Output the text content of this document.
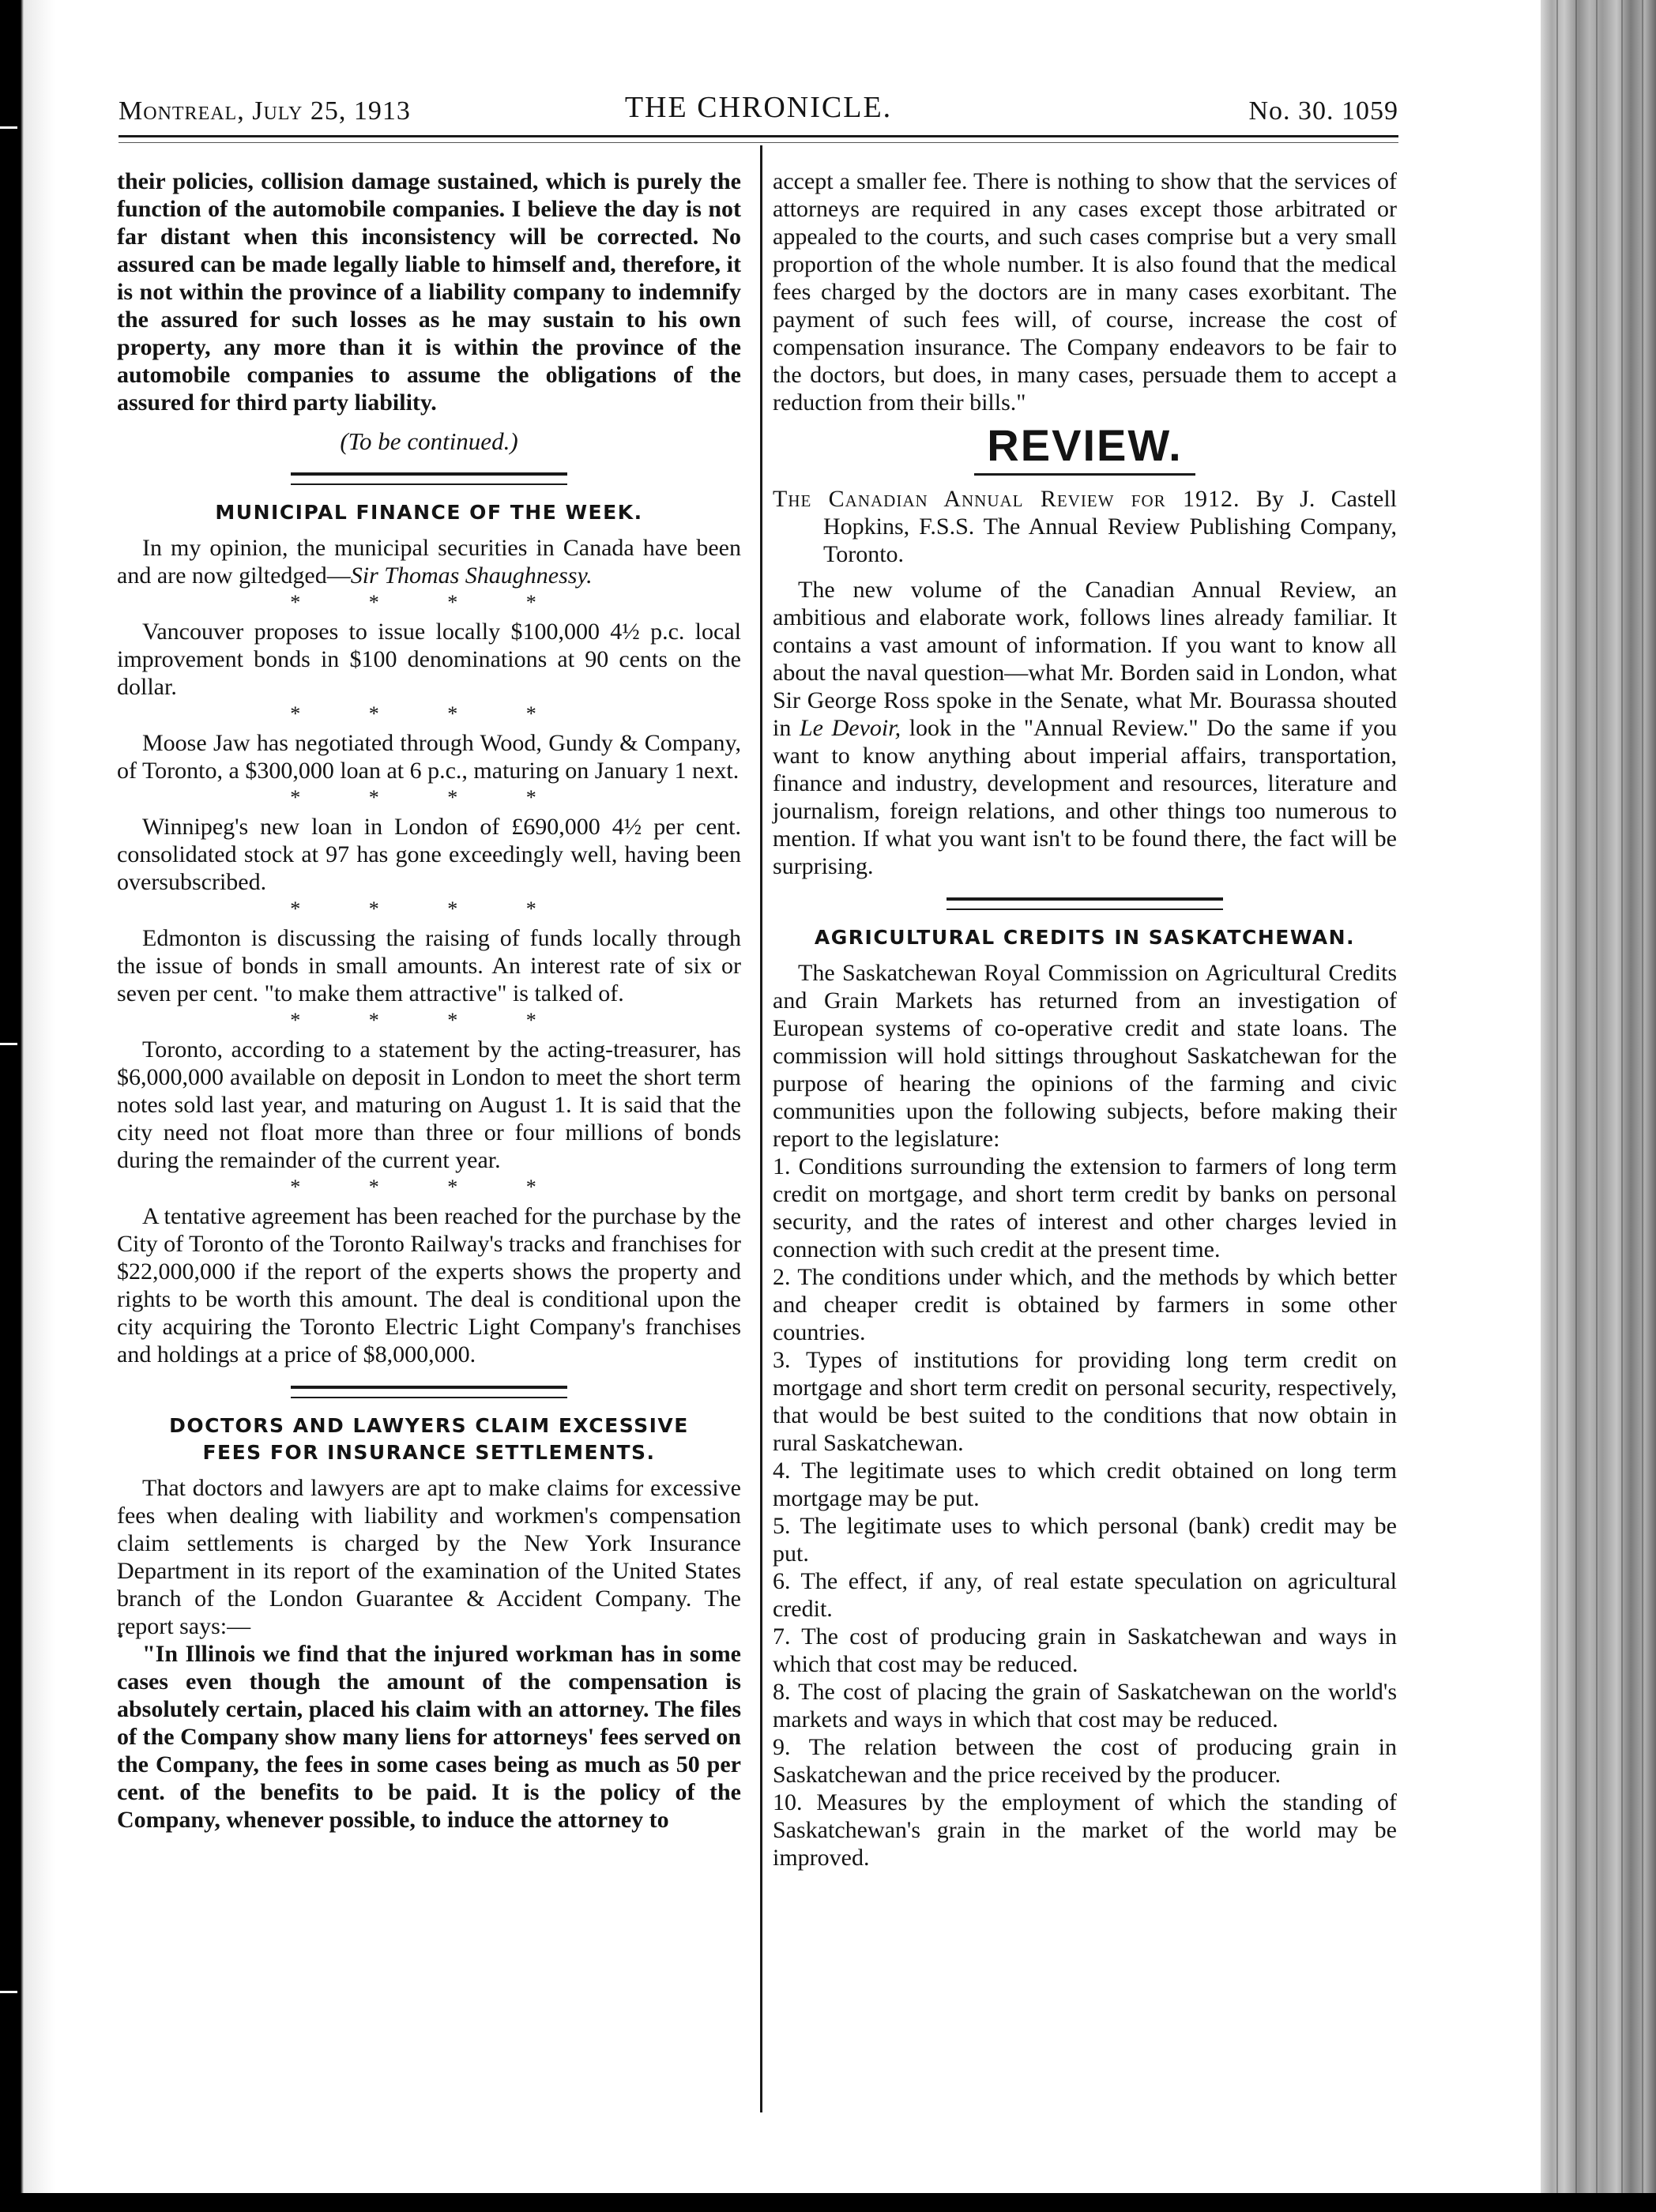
Montreal, July 25, 1913	THE CHRONICLE.	No. 30. 1059

their policies, collision damage sustained, which is purely the function of the automobile companies. I believe the day is not far distant when this inconsistency will be corrected. No assured can be made legally liable to himself and, therefore, it is not within the province of a liability company to indemnify the assured for such losses as he may sustain to his own property, any more than it is within the province of the automobile companies to assume the obligations of the assured for third party liability.

(To be continued.)

MUNICIPAL FINANCE OF THE WEEK.

In my opinion, the municipal securities in Canada have been and are now giltedged—Sir Thomas Shaughnessy.

* * * *

Vancouver proposes to issue locally $100,000 4½ p.c. local improvement bonds in $100 denominations at 90 cents on the dollar.

* * * *

Moose Jaw has negotiated through Wood, Gundy & Company, of Toronto, a $300,000 loan at 6 p.c., maturing on January 1 next.

* * * *

Winnipeg's new loan in London of £690,000 4½ per cent. consolidated stock at 97 has gone exceedingly well, having been oversubscribed.

* * * *

Edmonton is discussing the raising of funds locally through the issue of bonds in small amounts. An interest rate of six or seven per cent. "to make them attractive" is talked of.

* * * *

Toronto, according to a statement by the acting-treasurer, has $6,000,000 available on deposit in London to meet the short term notes sold last year, and maturing on August 1. It is said that the city need not float more than three or four millions of bonds during the remainder of the current year.

* * * *

A tentative agreement has been reached for the purchase by the City of Toronto of the Toronto Railway's tracks and franchises for $22,000,000 if the report of the experts shows the property and rights to be worth this amount. The deal is conditional upon the city acquiring the Toronto Electric Light Company's franchises and holdings at a price of $8,000,000.

DOCTORS AND LAWYERS CLAIM EXCESSIVE
FEES FOR INSURANCE SETTLEMENTS.

That doctors and lawyers are apt to make claims for excessive fees when dealing with liability and workmen's compensation claim settlements is charged by the New York Insurance Department in its report of the examination of the United States branch of the London Guarantee & Accident Company. The report says:—

"In Illinois we find that the injured workman has in some cases even though the amount of the compensation is absolutely certain, placed his claim with an attorney. The files of the Company show many liens for attorneys' fees served on the Company, the fees in some cases being as much as 50 per cent. of the benefits to be paid. It is the policy of the Company, whenever possible, to induce the attorney to

accept a smaller fee. There is nothing to show that the services of attorneys are required in any cases except those arbitrated or appealed to the courts, and such cases comprise but a very small proportion of the whole number. It is also found that the medical fees charged by the doctors are in many cases exorbitant. The payment of such fees will, of course, increase the cost of compensation insurance. The Company endeavors to be fair to the doctors, but does, in many cases, persuade them to accept a reduction from their bills."

REVIEW.

The Canadian Annual Review for 1912. By J. Castell Hopkins, F.S.S. The Annual Review Publishing Company, Toronto.

The new volume of the Canadian Annual Review, an ambitious and elaborate work, follows lines already familiar. It contains a vast amount of information. If you want to know all about the naval question—what Mr. Borden said in London, what Sir George Ross spoke in the Senate, what Mr. Bourassa shouted in Le Devoir, look in the "Annual Review." Do the same if you want to know anything about imperial affairs, transportation, finance and industry, development and resources, literature and journalism, foreign relations, and other things too numerous to mention. If what you want isn't to be found there, the fact will be surprising.

AGRICULTURAL CREDITS IN SASKATCHEWAN.

The Saskatchewan Royal Commission on Agricultural Credits and Grain Markets has returned from an investigation of European systems of co-operative credit and state loans. The commission will hold sittings throughout Saskatchewan for the purpose of hearing the opinions of the farming and civic communities upon the following subjects, before making their report to the legislature:

1. Conditions surrounding the extension to farmers of long term credit on mortgage, and short term credit by banks on personal security, and the rates of interest and other charges levied in connection with such credit at the present time.

2. The conditions under which, and the methods by which better and cheaper credit is obtained by farmers in some other countries.

3. Types of institutions for providing long term credit on mortgage and short term credit on personal security, respectively, that would be best suited to the conditions that now obtain in rural Saskatchewan.

4. The legitimate uses to which credit obtained on long term mortgage may be put.

5. The legitimate uses to which personal (bank) credit may be put.

6. The effect, if any, of real estate speculation on agricultural credit.

7. The cost of producing grain in Saskatchewan and ways in which that cost may be reduced.

8. The cost of placing the grain of Saskatchewan on the world's markets and ways in which that cost may be reduced.

9. The relation between the cost of producing grain in Saskatchewan and the price received by the producer.

10. Measures by the employment of which the standing of Saskatchewan's grain in the market of the world may be improved.
